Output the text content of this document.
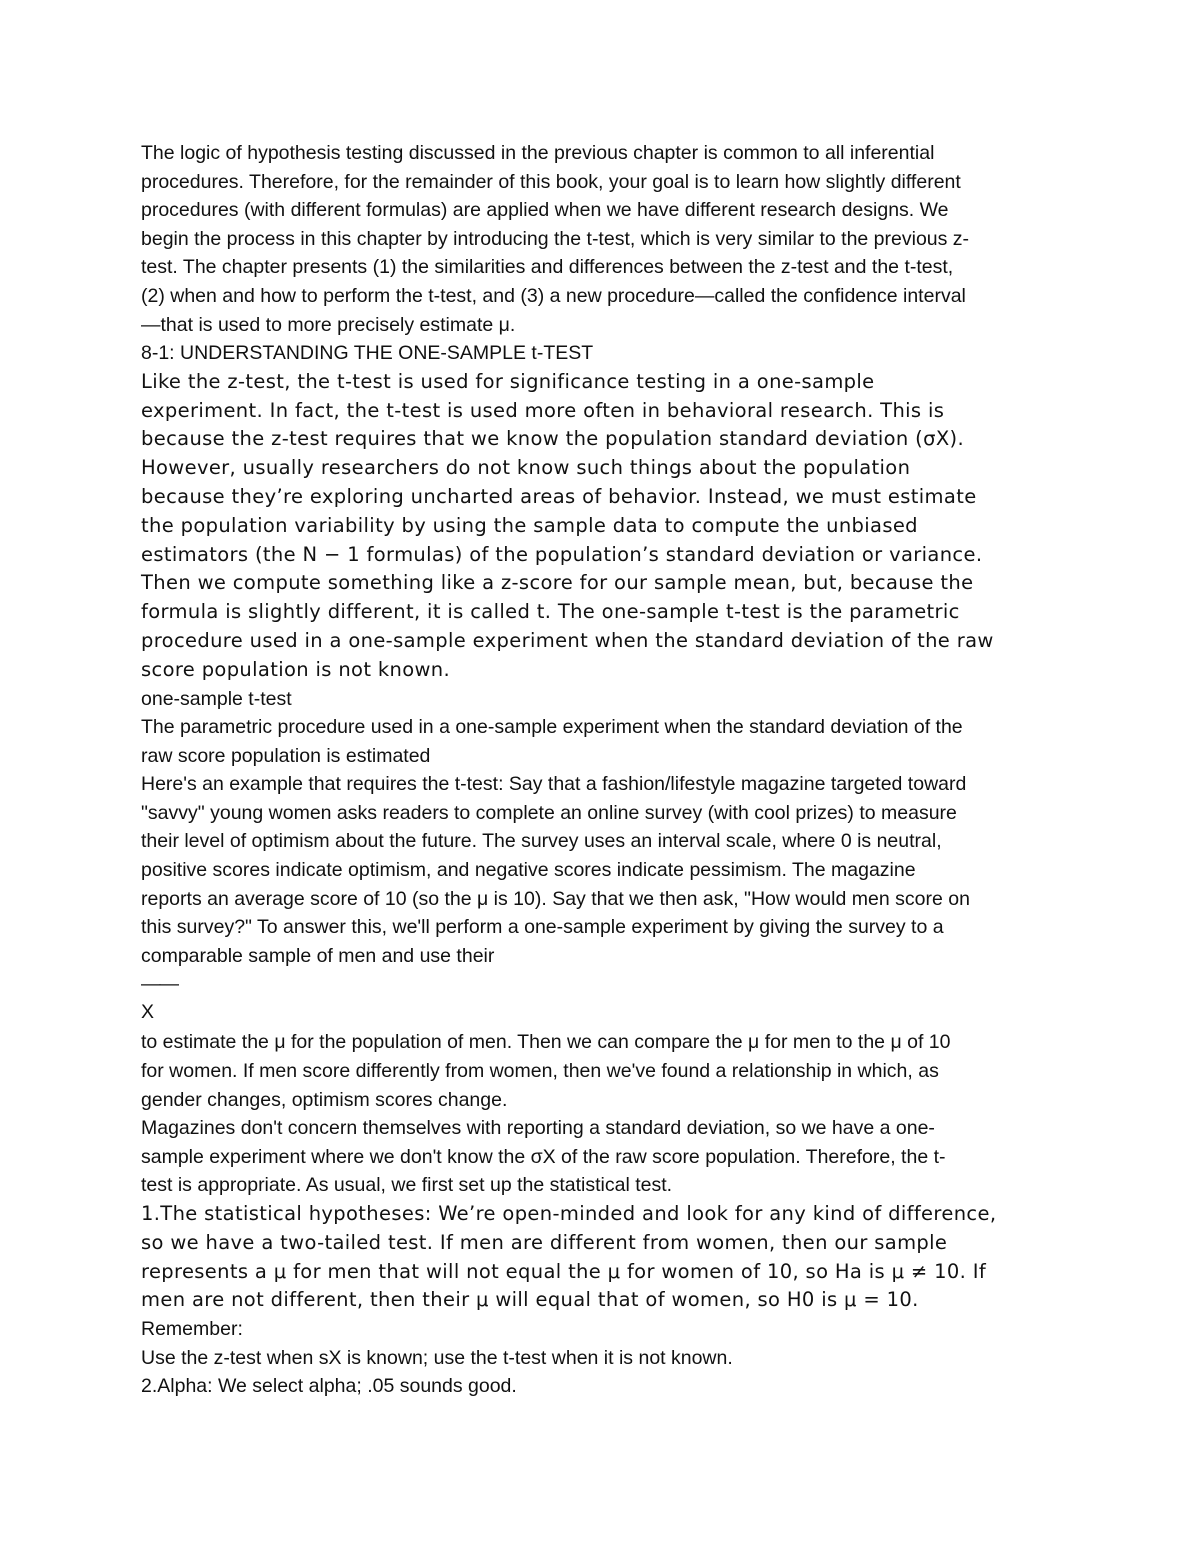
The logic of hypothesis testing discussed in the previous chapter is common to all inferential
procedures. Therefore, for the remainder of this book, your goal is to learn how slightly different
procedures (with different formulas) are applied when we have different research designs. We
begin the process in this chapter by introducing the t-test, which is very similar to the previous z-
test. The chapter presents (1) the similarities and differences between the z-test and the t-test,
(2) when and how to perform the t-test, and (3) a new procedure—called the confidence interval
—that is used to more precisely estimate μ.

8-1: UNDERSTANDING THE ONE-SAMPLE t-TEST

Like the z-test, the t-test is used for significance testing in a one-sample
experiment. In fact, the t-test is used more often in behavioral research. This is
because the z-test requires that we know the population standard deviation (σX).
However, usually researchers do not know such things about the population
because they’re exploring uncharted areas of behavior. Instead, we must estimate
the population variability by using the sample data to compute the unbiased
estimators (the N − 1 formulas) of the population’s standard deviation or variance.
Then we compute something like a z-score for our sample mean, but, because the
formula is slightly different, it is called t. The one-sample t-test is the parametric
procedure used in a one-sample experiment when the standard deviation of the raw
score population is not known.

one-sample t-test

The parametric procedure used in a one-sample experiment when the standard deviation of the
raw score population is estimated

Here's an example that requires the t-test: Say that a fashion/lifestyle magazine targeted toward
"savvy" young women asks readers to complete an online survey (with cool prizes) to measure
their level of optimism about the future. The survey uses an interval scale, where 0 is neutral,
positive scores indicate optimism, and negative scores indicate pessimism. The magazine
reports an average score of 10 (so the μ is 10). Say that we then ask, "How would men score on
this survey?" To answer this, we'll perform a one-sample experiment by giving the survey to a
comparable sample of men and use their

——
X

to estimate the μ for the population of men. Then we can compare the μ for men to the μ of 10
for women. If men score differently from women, then we've found a relationship in which, as
gender changes, optimism scores change.

Magazines don't concern themselves with reporting a standard deviation, so we have a one-
sample experiment where we don't know the σX of the raw score population. Therefore, the t-
test is appropriate. As usual, we first set up the statistical test.

1.The statistical hypotheses: We’re open-minded and look for any kind of difference,
so we have a two-tailed test. If men are different from women, then our sample
represents a μ for men that will not equal the μ for women of 10, so Ha is μ ≠ 10. If
men are not different, then their μ will equal that of women, so H0 is μ = 10.

Remember:

Use the z-test when sX is known; use the t-test when it is not known.

2.Alpha: We select alpha; .05 sounds good.
